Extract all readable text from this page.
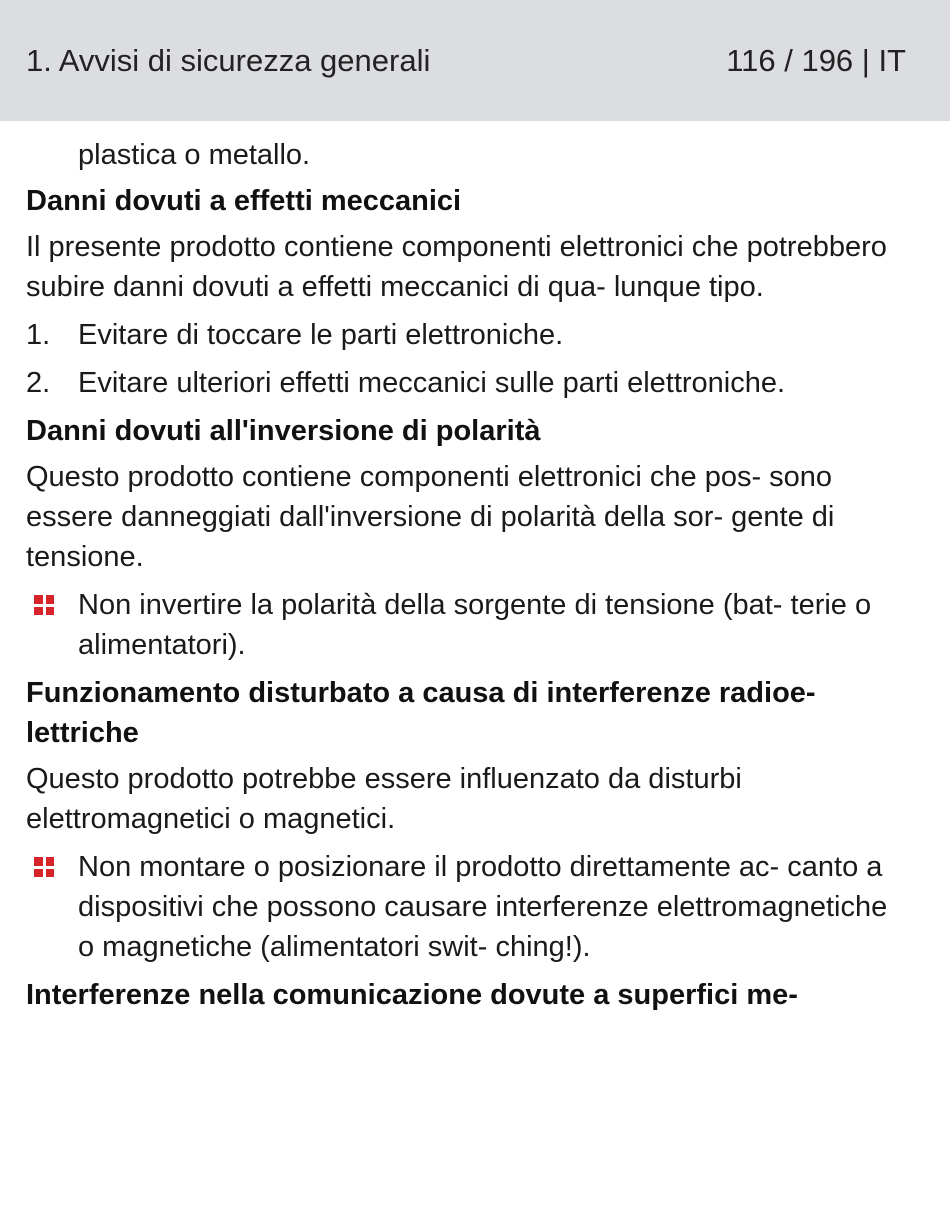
1. Avvisi di sicurezza generali	116 / 196 | IT

plastica o metallo.

Danni dovuti a effetti meccanici

Il presente prodotto contiene componenti elettronici che potrebbero subire danni dovuti a effetti meccanici di qua- lunque tipo.

1. Evitare di toccare le parti elettroniche.
2. Evitare ulteriori effetti meccanici sulle parti elettroniche.
Danni dovuti all'inversione di polarità

Questo prodotto contiene componenti elettronici che pos- sono essere danneggiati dall'inversione di polarità della sor- gente di tensione.

Non invertire la polarità della sorgente di tensione (bat- terie o alimentatori).
Funzionamento disturbato a causa di interferenze radioe- lettriche

Questo prodotto potrebbe essere influenzato da disturbi elettromagnetici o magnetici.

Non montare o posizionare il prodotto direttamente ac- canto a dispositivi che possono causare interferenze elettromagnetiche o magnetiche (alimentatori swit- ching!).
Interferenze nella comunicazione dovute a superfici me-
